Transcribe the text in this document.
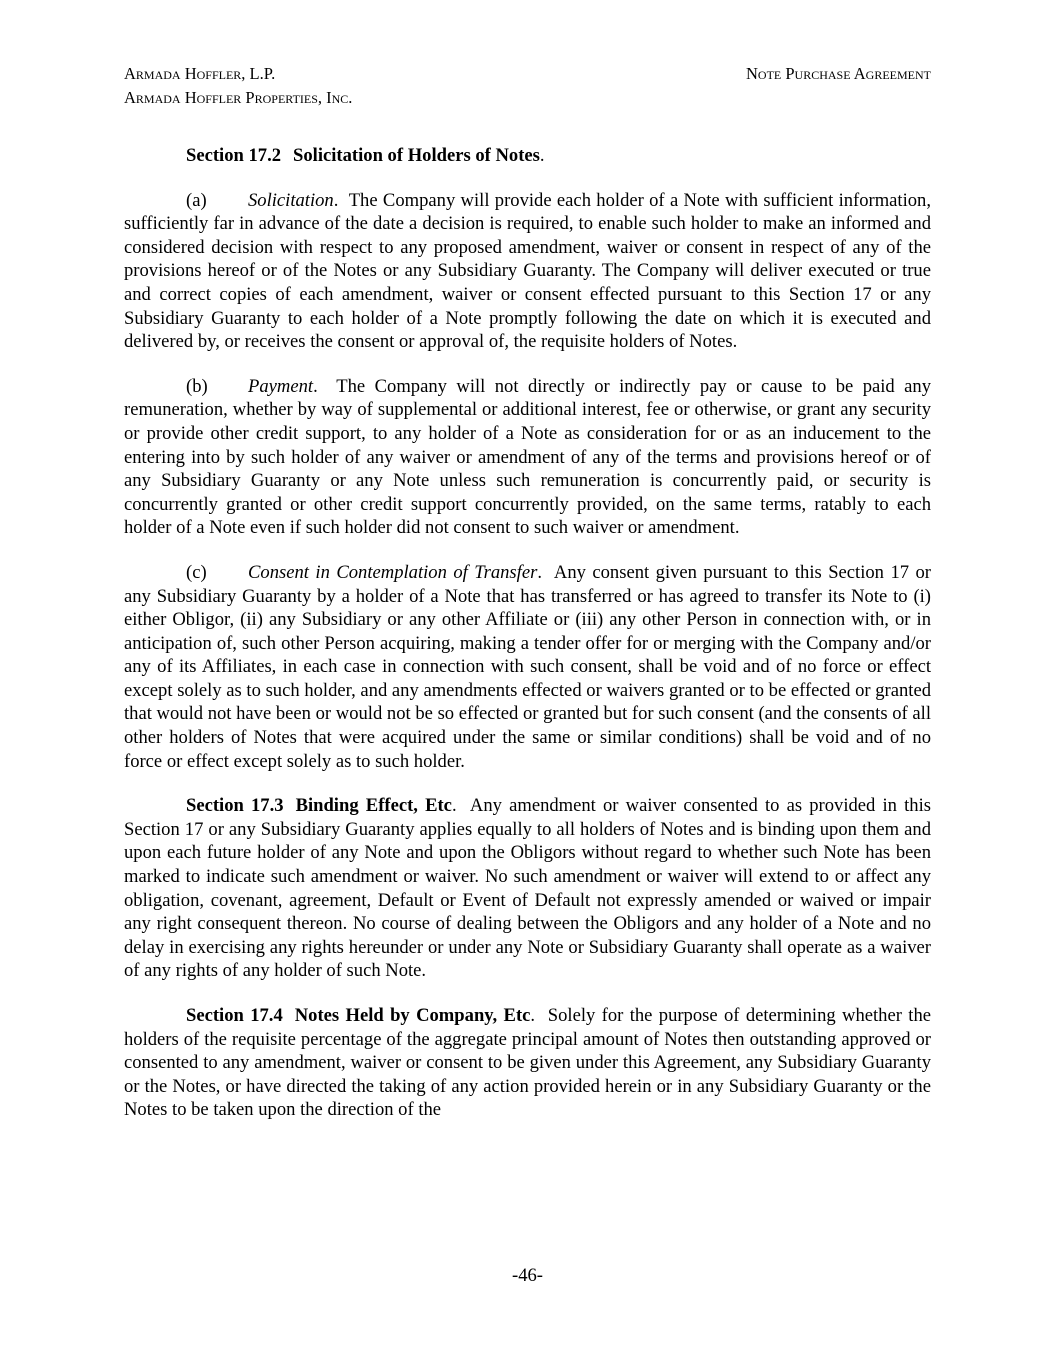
Armada Hoffler, L.P.	Note Purchase Agreement
Armada Hoffler Properties, Inc.
Section 17.2 Solicitation of Holders of Notes.

(a) Solicitation.  The Company will provide each holder of a Note with sufficient information, sufficiently far in advance of the date a decision is required, to enable such holder to make an informed and considered decision with respect to any proposed amendment, waiver or consent in respect of any of the provisions hereof or of the Notes or any Subsidiary Guaranty. The Company will deliver executed or true and correct copies of each amendment, waiver or consent effected pursuant to this Section 17 or any Subsidiary Guaranty to each holder of a Note promptly following the date on which it is executed and delivered by, or receives the consent or approval of, the requisite holders of Notes.

(b) Payment.  The Company will not directly or indirectly pay or cause to be paid any remuneration, whether by way of supplemental or additional interest, fee or otherwise, or grant any security or provide other credit support, to any holder of a Note as consideration for or as an inducement to the entering into by such holder of any waiver or amendment of any of the terms and provisions hereof or of any Subsidiary Guaranty or any Note unless such remuneration is concurrently paid, or security is concurrently granted or other credit support concurrently provided, on the same terms, ratably to each holder of a Note even if such holder did not consent to such waiver or amendment.

(c) Consent in Contemplation of Transfer.  Any consent given pursuant to this Section 17 or any Subsidiary Guaranty by a holder of a Note that has transferred or has agreed to transfer its Note to (i) either Obligor, (ii) any Subsidiary or any other Affiliate or (iii) any other Person in connection with, or in anticipation of, such other Person acquiring, making a tender offer for or merging with the Company and/or any of its Affiliates, in each case in connection with such consent, shall be void and of no force or effect except solely as to such holder, and any amendments effected or waivers granted or to be effected or granted that would not have been or would not be so effected or granted but for such consent (and the consents of all other holders of Notes that were acquired under the same or similar conditions) shall be void and of no force or effect except solely as to such holder.

Section 17.3 Binding Effect, Etc.  Any amendment or waiver consented to as provided in this Section 17 or any Subsidiary Guaranty applies equally to all holders of Notes and is binding upon them and upon each future holder of any Note and upon the Obligors without regard to whether such Note has been marked to indicate such amendment or waiver. No such amendment or waiver will extend to or affect any obligation, covenant, agreement, Default or Event of Default not expressly amended or waived or impair any right consequent thereon. No course of dealing between the Obligors and any holder of a Note and no delay in exercising any rights hereunder or under any Note or Subsidiary Guaranty shall operate as a waiver of any rights of any holder of such Note.

Section 17.4 Notes Held by Company, Etc.  Solely for the purpose of determining whether the holders of the requisite percentage of the aggregate principal amount of Notes then outstanding approved or consented to any amendment, waiver or consent to be given under this Agreement, any Subsidiary Guaranty or the Notes, or have directed the taking of any action provided herein or in any Subsidiary Guaranty or the Notes to be taken upon the direction of the

-46-
